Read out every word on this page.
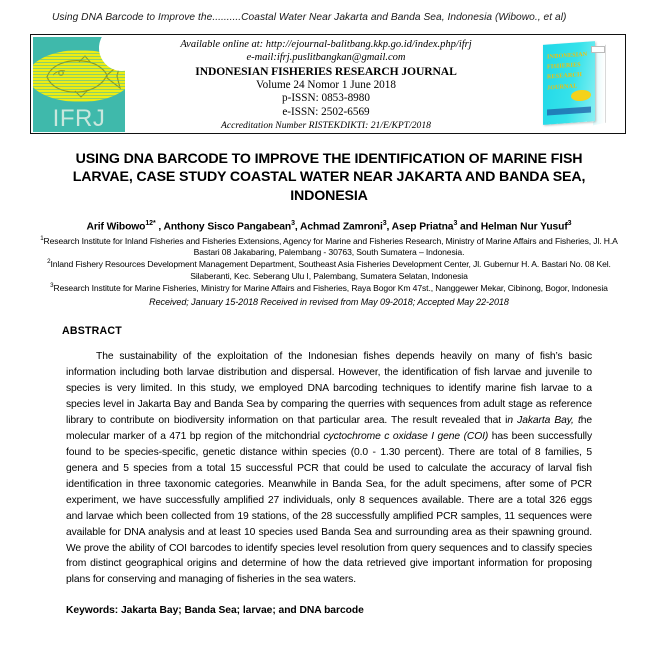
Using DNA Barcode to Improve the..........Coastal Water Near Jakarta and Banda Sea, Indonesia (Wibowo., et al)
IFRJ
Available online at: http://ejournal-balitbang.kkp.go.id/index.php/ifrj
e-mail:ifrj.puslitbangkan@gmail.com
INDONESIAN FISHERIES RESEARCH JOURNAL
Volume 24 Nomor 1 June 2018
p-ISSN: 0853-8980
e-ISSN: 2502-6569
Accreditation Number RISTEKDIKTI: 21/E/KPT/2018
INDONESIAN FISHERIES RESEARCH JOURNAL
USING DNA BARCODE TO IMPROVE THE IDENTIFICATION OF MARINE FISH LARVAE, CASE STUDY COASTAL WATER NEAR JAKARTA AND BANDA SEA, INDONESIA
Arif Wibowo$^{12*}$ , Anthony Sisco Pangabean$^3$, Achmad Zamroni$^3$, Asep Priatna$^3$ and Helman Nur Yusuf$^3$

$^1$Research Institute for Inland Fisheries and Fisheries Extensions, Agency for Marine and Fisheries Research, Ministry of Marine Affairs and Fisheries, Jl. H.A Bastari 08 Jakabaring, Palembang - 30763, South Sumatera – Indonesia.

$^2$Inland Fishery Resources Development Management Department, Southeast Asia Fisheries Development Center, Jl. Gubernur H. A. Bastari No. 08 Kel. Silaberanti, Kec. Seberang Ulu I, Palembang, Sumatera Selatan, Indonesia

$^3$Research Institute for Marine Fisheries, Ministry for Marine Affairs and Fisheries, Raya Bogor Km 47st., Nanggewer Mekar, Cibinong, Bogor, Indonesia

Received; January 15-2018 Received in revised from May 09-2018; Accepted May 22-2018
ABSTRACT
The sustainability of the exploitation of the Indonesian fishes depends heavily on many of fish’s basic information including both larvae distribution and dispersal. However, the identification of fish larvae and juvenile to species is very limited. In this study, we employed DNA barcoding techniques to identify marine fish larvae to a species level in Jakarta Bay and Banda Sea by comparing the querries with sequences from adult stage as reference library to contribute on biodiversity information on that particular area. The result revealed that in Jakarta Bay, the molecular marker of a 471 bp region of the mitchondrial cyctochrome c oxidase I gene (COI) has been successfully found to be species-specific, genetic distance within species (0.0 - 1.30 percent). There are total of 8 families, 5 genera and 5 species from a total 15 successful PCR that could be used to calculate the accuracy of larval fish identification in three taxonomic categories. Meanwhile in Banda Sea, for the adult specimens, after some of PCR experiment, we have successfully amplified 27 individuals, only 8 sequences available. There are a total 326 eggs and larvae which been collected from 19 stations, of the 28 successfully amplified PCR samples, 11 sequences were available for DNA analysis and at least 10 species used Banda Sea and surrounding area as their spawning ground. We prove the ability of COI barcodes to identify species level resolution from query sequences and to classify species from distinct geographical origins and determine of how the data retrieved give important information for proposing plans for conserving and managing of fisheries in the sea waters.
Keywords: Jakarta Bay; Banda Sea; larvae; and DNA barcode
